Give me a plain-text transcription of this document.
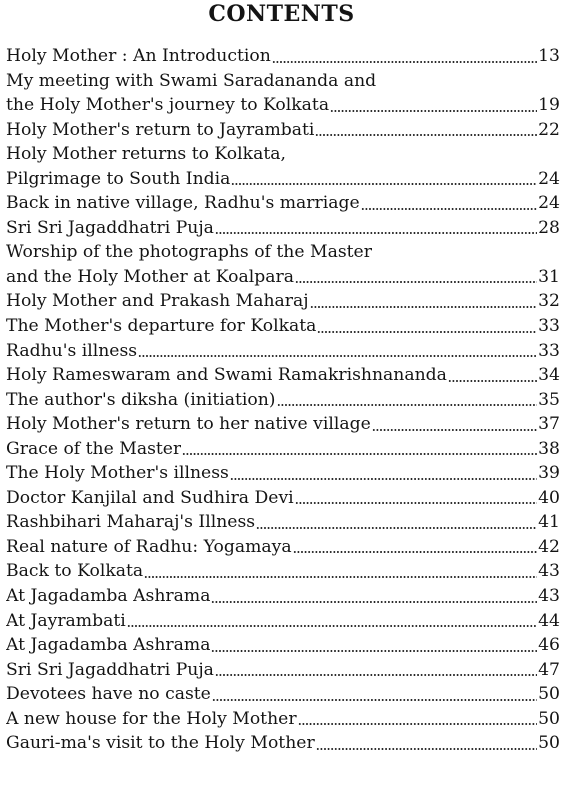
CONTENTS
Holy Mother : An Introduction	13
My meeting with Swami Saradananda and
the Holy Mother's journey to Kolkata	19
Holy Mother's return to Jayrambati	22
Holy Mother returns to Kolkata,
Pilgrimage to South India	24
Back in native village, Radhu's marriage	24
Sri Sri Jagaddhatri Puja	28
Worship of the photographs of the Master
and the Holy Mother at Koalpara	31
Holy Mother and Prakash Maharaj	32
The Mother's departure for Kolkata	33
Radhu's illness	33
Holy Rameswaram and Swami Ramakrishnananda	34
The author's diksha (initiation)	35
Holy Mother's return to her native village	37
Grace of the Master	38
The Holy Mother's illness	39
Doctor Kanjilal and Sudhira Devi	40
Rashbihari Maharaj's Illness	41
Real nature of Radhu: Yogamaya	42
Back to Kolkata	43
At Jagadamba Ashrama	43
At Jayrambati	44
At Jagadamba Ashrama	46
Sri Sri Jagaddhatri Puja	47
Devotees have no caste	50
A new house for the Holy Mother	50
Gauri-ma's visit to the Holy Mother	50
